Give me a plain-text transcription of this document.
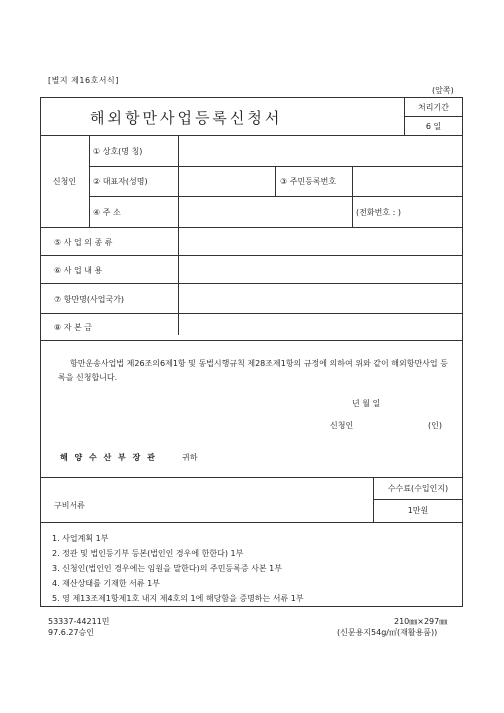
[별지 제16호서식]
(앞쪽)
해외항만사업등록신청서
처리기간
6 일
신청인
① 상호(명 칭)
② 대표자(성명)	③ 주민등록번호
④ 주 소	(전화번호 : )
⑤ 사 업 의 종 류
⑥ 사 업 내 용
⑦ 항만명(사업국가)
⑧ 자 본 금
항만운송사업법 제26조의6제1항 및 동법시행규칙 제28조제1항의 규정에 의하여 위와 같이 해외항만사업 등록을 신청합니다.
년 월 일
신청인	(인)
해 양 수 산 부 장 관	귀하
구비서류
수수료(수입인지)
1만원
1. 사업계획 1부
2. 정관 및 법인등기부 등본(법인인 경우에 한한다) 1부
3. 신청인(법인인 경우에는 임원을 말한다)의 주민등록증 사본 1부
4. 재산상태를 기재한 서류 1부
5. 영 제13조제1항제1호 내지 제4호의 1에 해당함을 증명하는 서류 1부
53337-44211민
97.6.27승인
210㎜×297㎜
(신문용지54g/㎡(재활용품))
